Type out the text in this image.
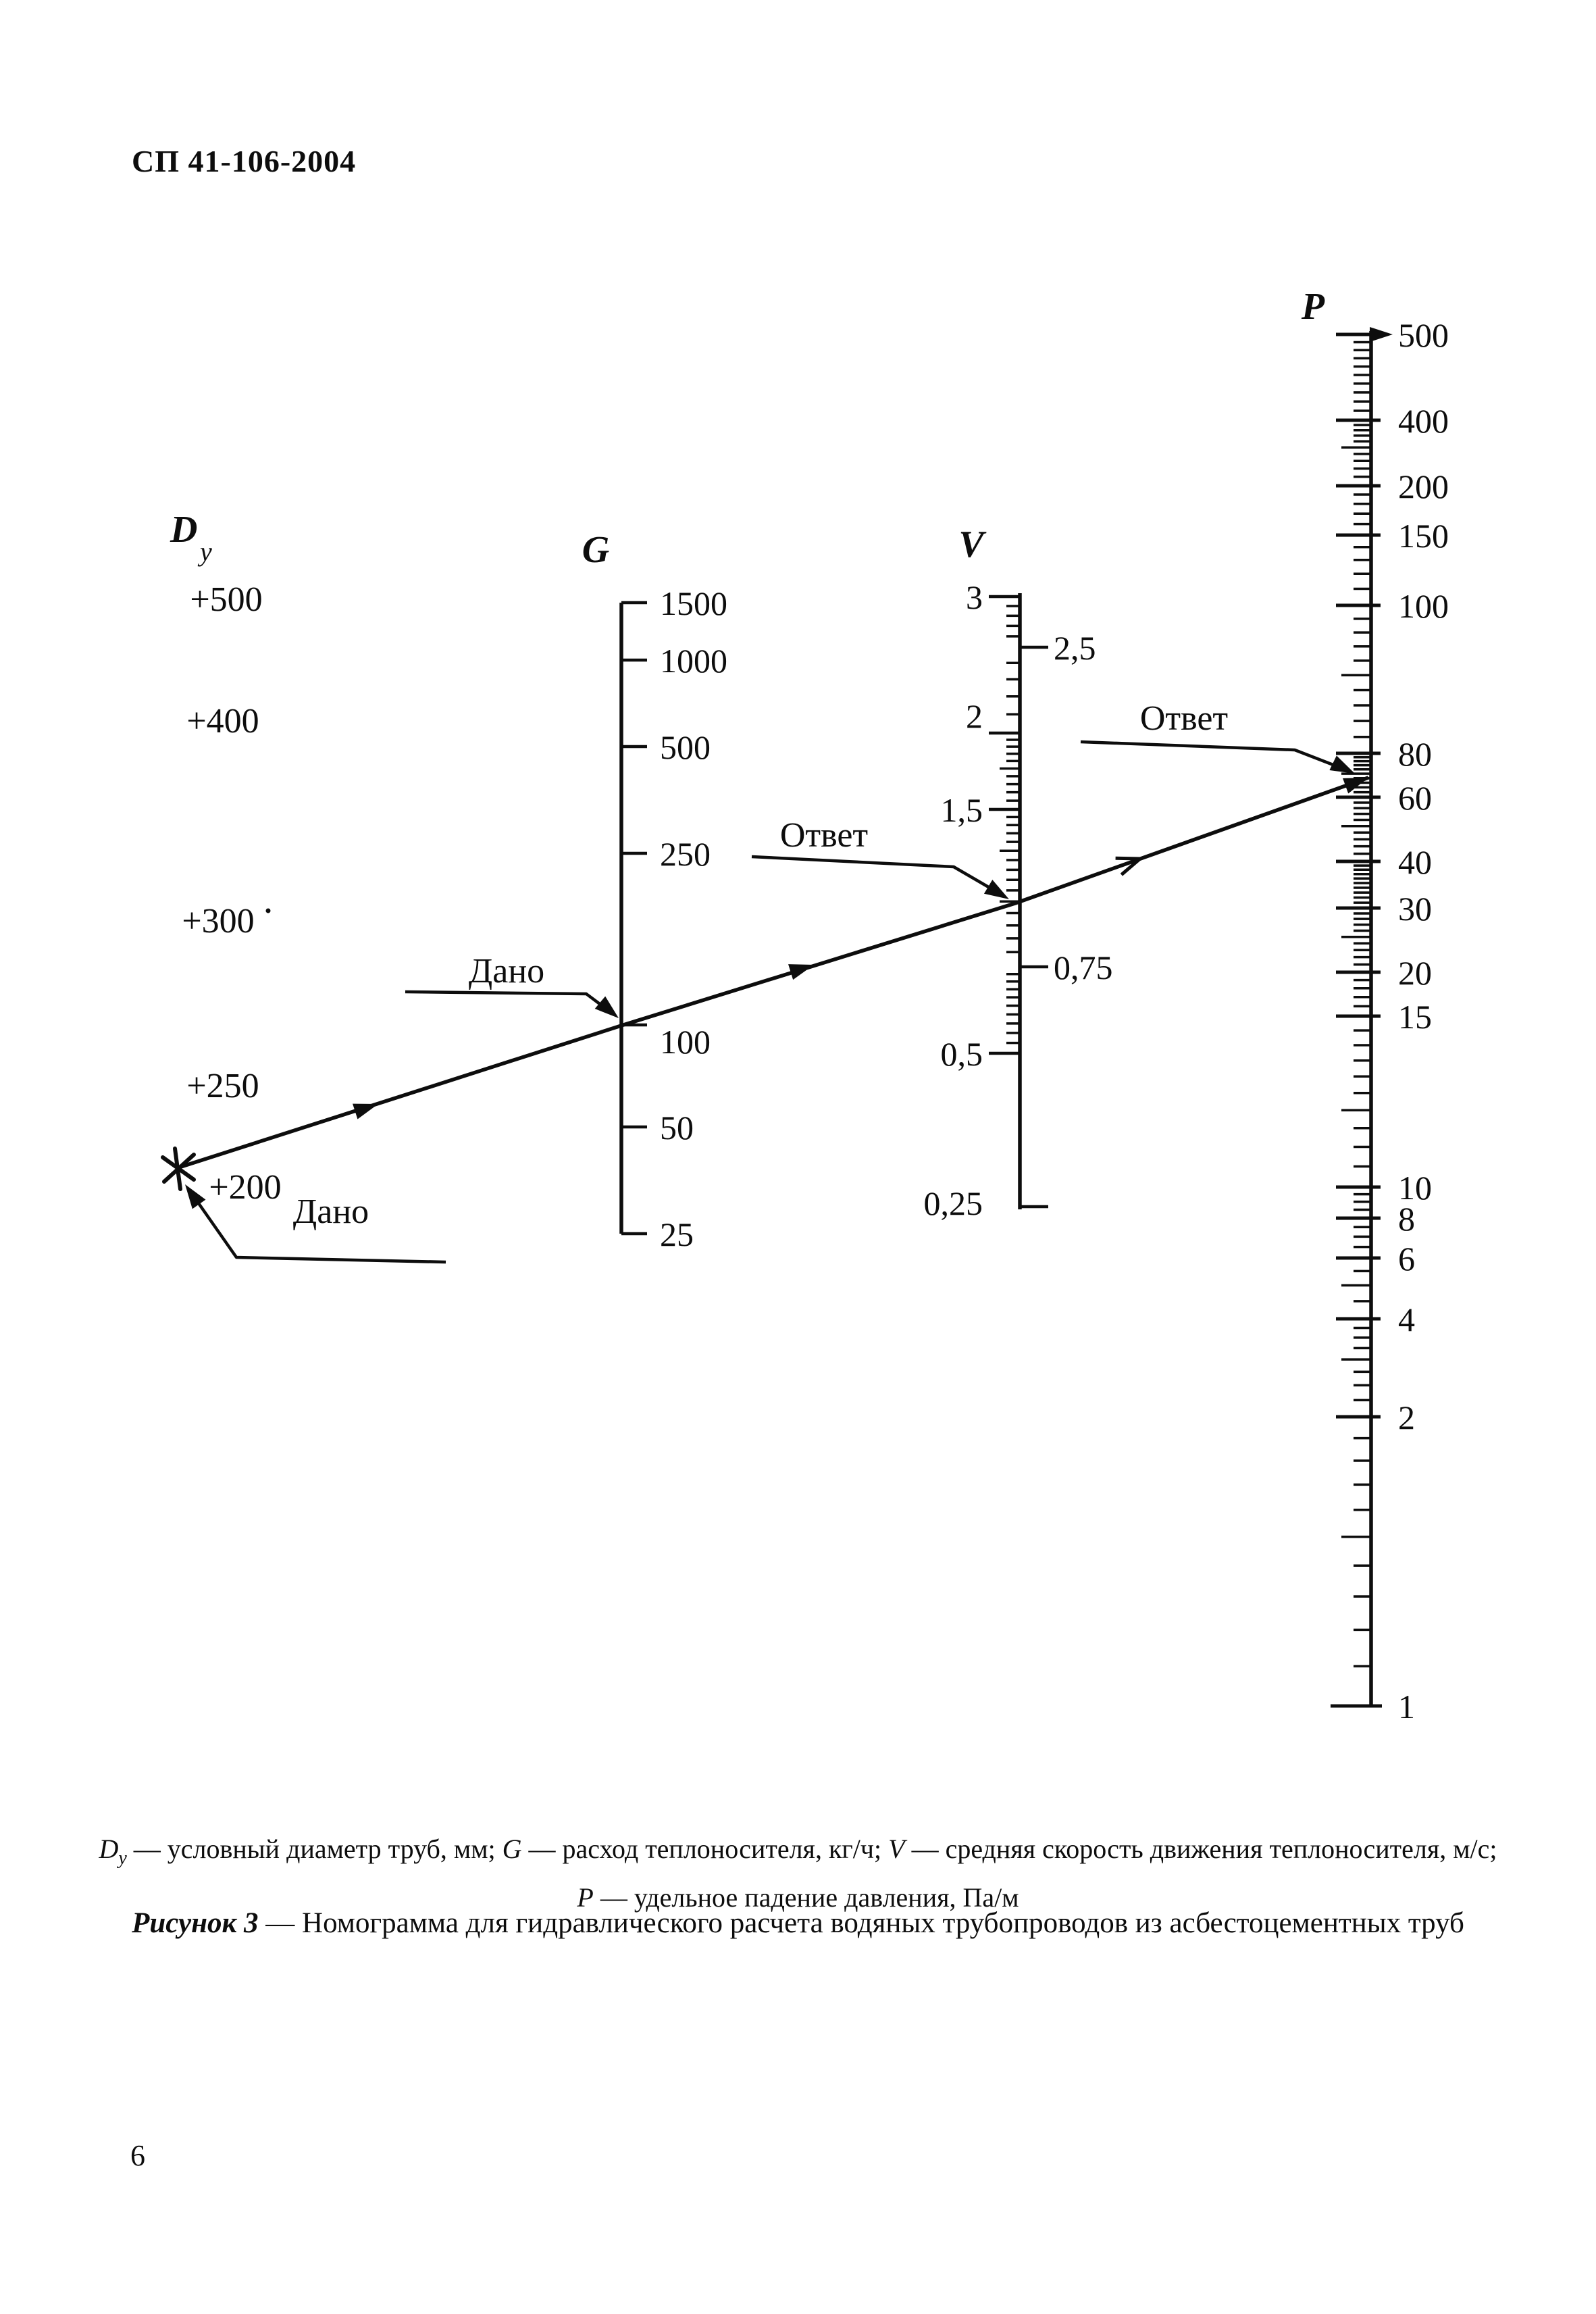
СП 41-106-2004
D
у	G	V
P
+500
+400
+300
+250
+200
1500
1000
500
250
100
50
25
3
2,5
2
1,5
0,75
0,5
0,25
500
400
200
150
100
80
60
40
30
20
15
10
8
6
4
2
1
Дано
Дано
Ответ
Ответ
$D_у$ — условный диаметр труб, мм; G — расход теплоносителя, кг/ч; V — средняя скорость движения теплоносителя, м/с;
P — удельное падение давления, Па/м
Рисунок 3 — Номограмма для гидравлического расчета водяных трубопроводов из асбестоцементных труб
6
